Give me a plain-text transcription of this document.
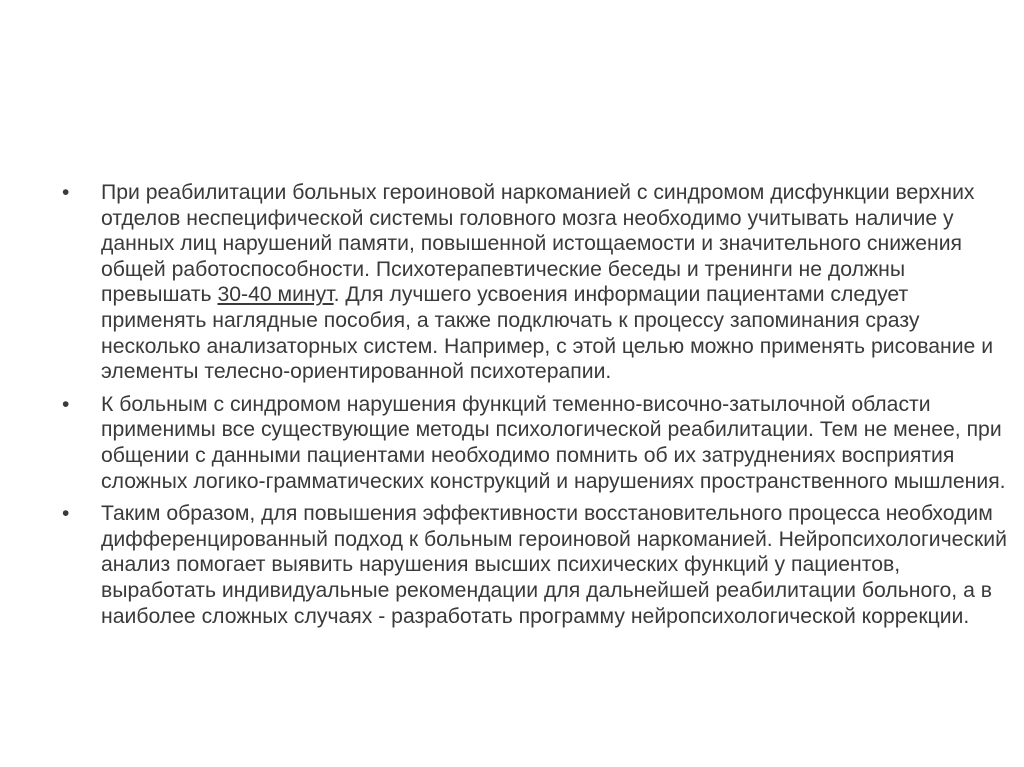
•	При реабилитации больных героиновой наркоманией с синдромом дисфункции верхних отделов неспецифической системы головного мозга необходимо учитывать наличие у данных лиц нарушений памяти, повышенной истощаемости и значительного снижения общей работоспособности. Психотерапевтические беседы и тренинги не должны превышать 30-40 минут. Для лучшего усвоения информации пациентами следует применять наглядные пособия, а также подключать к процессу запоминания сразу несколько анализаторных систем. Например, с этой целью можно применять рисование и элементы телесно-ориентированной психотерапии.
•	К больным с синдромом нарушения функций теменно-височно-затылочной области применимы все существующие методы психологической реабилитации. Тем не менее, при общении с данными пациентами необходимо помнить об их затруднениях восприятия сложных логико-грамматических конструкций и нарушениях пространственного мышления.
•	Таким образом, для повышения эффективности восстановительного процесса необходим дифференцированный подход к больным героиновой наркоманией. Нейропсихологический анализ помогает выявить нарушения высших психических функций у пациентов, выработать индивидуальные рекомендации для дальнейшей реабилитации больного, а в наиболее сложных случаях - разработать программу нейропсихологической коррекции.
